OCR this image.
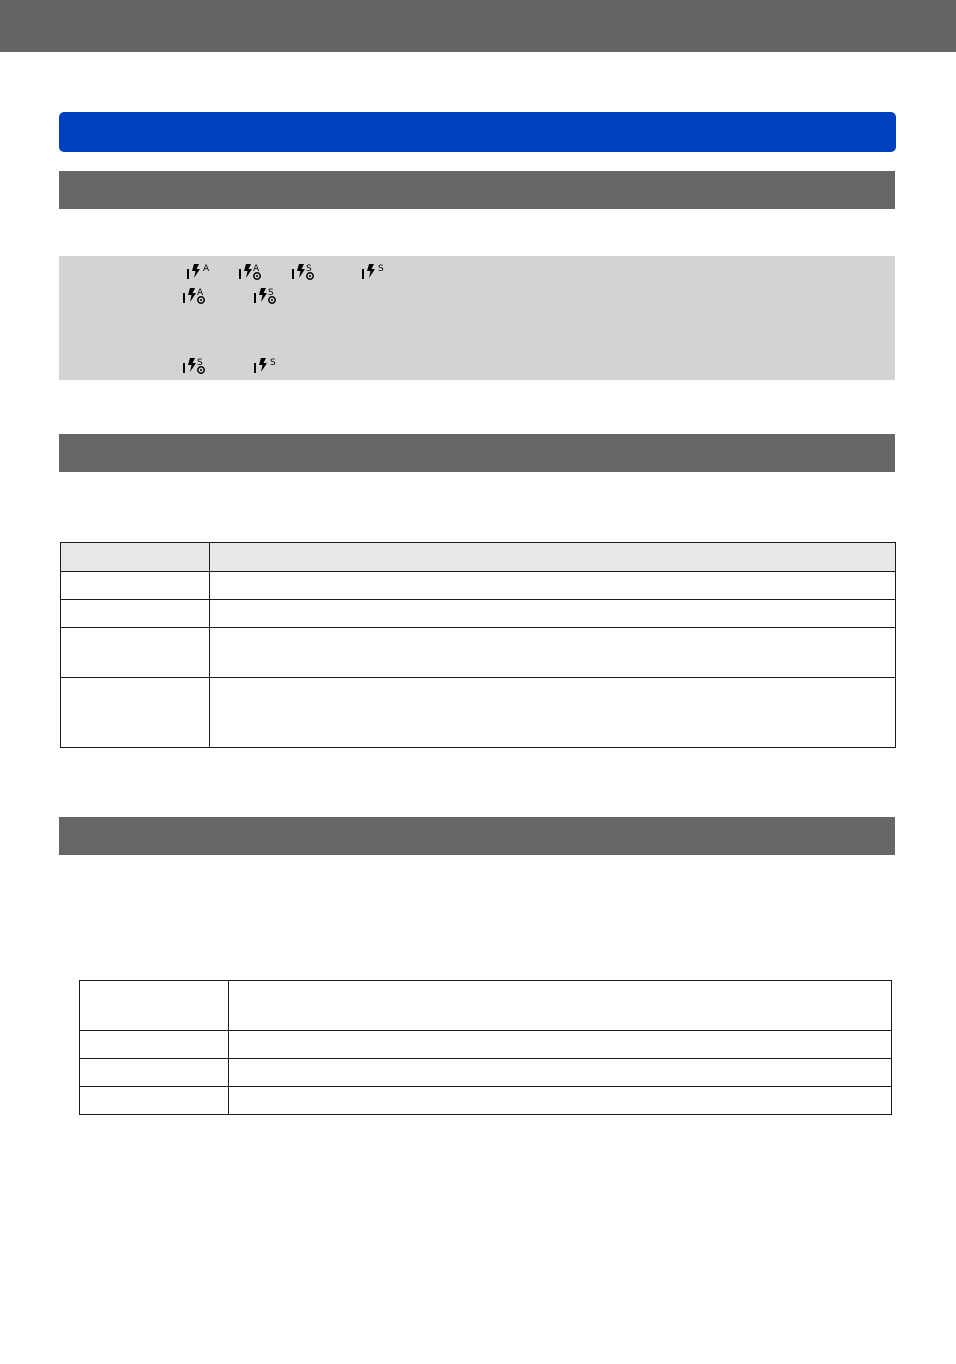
A	A	S	S
A	S
S	S
